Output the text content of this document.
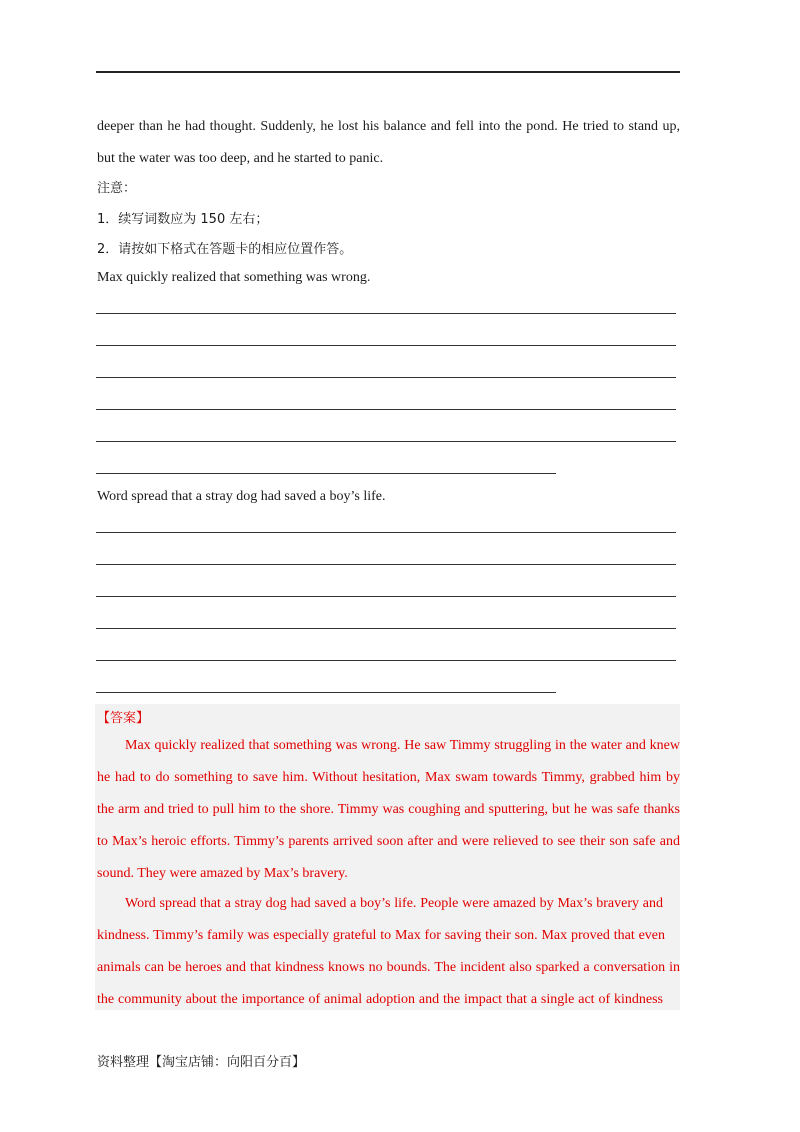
deeper than he had thought. Suddenly, he lost his balance and fell into the pond. He tried to stand up,
but the water was too deep, and he started to panic.
注意：
1．续写词数应为 150 左右；
2．请按如下格式在答题卡的相应位置作答。
Max quickly realized that something was wrong.
Word spread that a stray dog had saved a boy’s life.
【答案】
Max quickly realized that something was wrong. He saw Timmy struggling in the water and knew
he had to do something to save him. Without hesitation, Max swam towards Timmy, grabbed him by
the arm and tried to pull him to the shore. Timmy was coughing and sputtering, but he was safe thanks
to Max’s heroic efforts. Timmy’s parents arrived soon after and were relieved to see their son safe and
sound. They were amazed by Max’s bravery.
Word spread that a stray dog had saved a boy’s life. People were amazed by Max’s bravery and
kindness. Timmy’s family was especially grateful to Max for saving their son. Max proved that even
animals can be heroes and that kindness knows no bounds. The incident also sparked a conversation in
the community about the importance of animal adoption and the impact that a single act of kindness
资料整理【淘宝店铺：向阳百分百】
